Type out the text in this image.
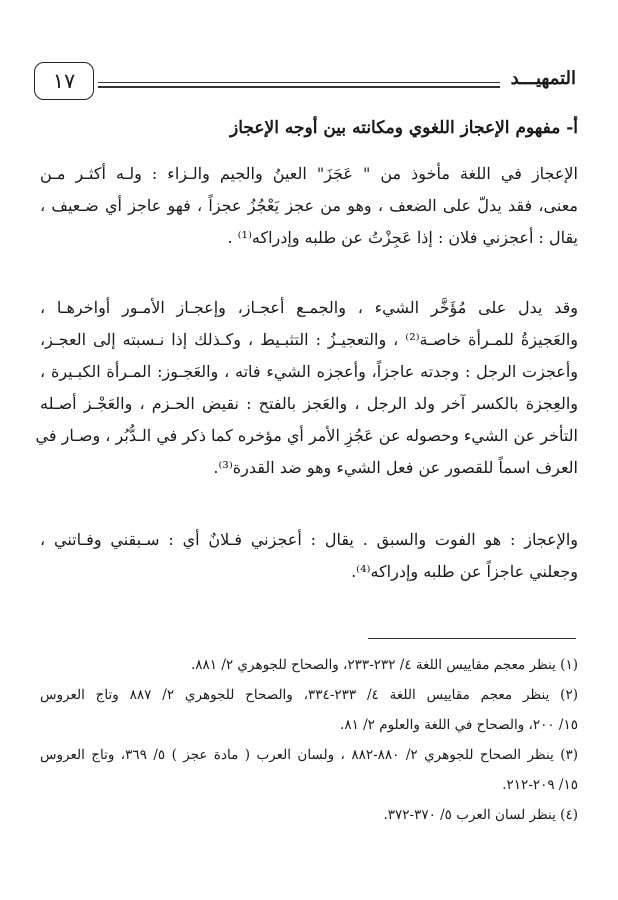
١٧	التمهيـــد
أ- مفهوم الإعجاز اللغوي ومكانته بين أوجه الإعجاز
الإعجاز في اللغة مأخوذ من " عَجَزَ" العينُ والجيم والـزاء : ولـه أكثـر مـن
معنى، فقد يدلّ على الضعف ، وهو من عجز يَعْجُزُ عجزاً ، فهو عاجز أي ضـعيف ،
يقال : أعجزني فلان : إذا عَجِزْتُ عن طلبه وإدراكه⁽¹⁾ .
وقد يدل على مُؤَخَّر الشيء ، والجمـع أعجـاز، وإعجـاز الأمـور أواخرهـا ،
والعَجيزةُ للمـرأة خاصـة⁽²⁾ ، والتعجيـزُ : التثبـيط ، وكـذلك إذا نـسبته إلى العجـز،
وأعجزت الرجل : وجدته عاجزاً، وأعجزه الشيء فاته ، والعَجـوز: المـرأة الكبـيرة ،
والعِجزة بالكسر آخر ولد الرجل ، والعَجز بالفتح : نقيض الحـزم ، والعَجْـز أصـله
التأخر عن الشيء وحصوله عن عَجُزِ الأمر أي مؤخره كما ذكر في الـدُّبُر ، وصـار في
العرف اسماً للقصور عن فعل الشيء وهو ضد القدرة⁽³⁾.
والإعجاز : هو الفوت والسبق . يقال : أعجزني فـلانٌ أي : سـبقني وفـاتني ،
وجعلني عاجزاً عن طلبه وإدراكه⁽⁴⁾.
(١) ينظر معجم مقاييس اللغة ٤/ ٢٣٢-٢٣٣، والصحاح للجوهري ٢/ ٨٨١.
(٢) ينظر معجم مقاييس اللغة ٤/ ٢٣٣-٣٣٤، والصحاح للجوهري ٢/ ٨٨٧ وتاج العروس
١٥/ ٢٠٠، والصحاح في اللغة والعلوم ٢/ ٨١.
(٣) ينظر الصحاح للجوهري ٢/ ٨٨٠-٨٨٢ ، ولسان العرب ( مادة عجز ) ٥/ ٣٦٩، وتاج العروس
١٥/ ٢٠٩-٢١٢.
(٤) ينظر لسان العرب ٥/ ٣٧٠-٣٧٢.
